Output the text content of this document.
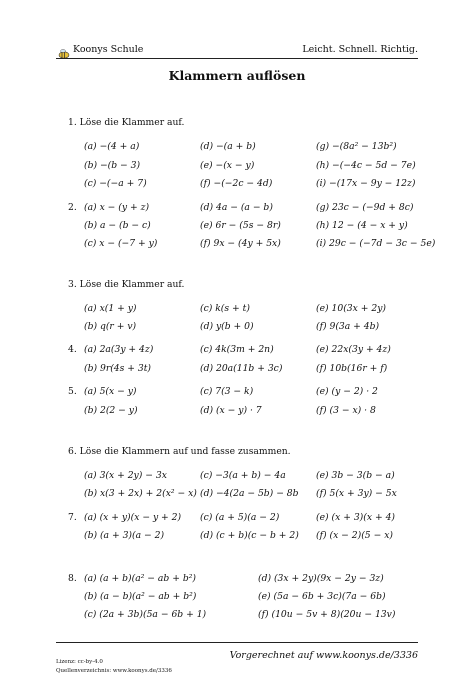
Koonys Schule	Leicht. Schnell. Richtig.
Klammern auflösen
1. Löse die Klammer auf.
(a) −(4 + a)	(d) −(a + b)	(g) −(8a² − 13b²)
(b) −(b − 3)	(e) −(x − y)	(h) −(−4c − 5d − 7e)
(c) −(−a + 7)	(f) −(−2c − 4d)	(i) −(17x − 9y − 12z)
2. (a) x − (y + z)	(d) 4a − (a − b)	(g) 23c − (−9d + 8c)
(b) a − (b − c)	(e) 6r − (5s − 8r)	(h) 12 − (4 − x + y)
(c) x − (−7 + y)	(f) 9x − (4y + 5x)	(i) 29c − (−7d − 3c − 5e)
3. Löse die Klammer auf.
(a) x(1 + y)	(c) k(s + t)	(e) 10(3x + 2y)
(b) q(r + v)	(d) y(b + 0)	(f) 9(3a + 4b)
4. (a) 2a(3y + 4z)	(c) 4k(3m + 2n)	(e) 22x(3y + 4z)
(b) 9r(4s + 3t)	(d) 20a(11b + 3c)	(f) 10b(16r + f)
5. (a) 5(x − y)	(c) 7(3 − k)	(e) (y − 2) · 2
(b) 2(2 − y)	(d) (x − y) · 7	(f) (3 − x) · 8
6. Löse die Klammern auf und fasse zusammen.
(a) 3(x + 2y) − 3x	(c) −3(a + b) − 4a	(e) 3b − 3(b − a)
(b) x(3 + 2x) + 2(x² − x) (d) −4(2a − 5b) − 8b (f) 5(x + 3y) − 5x
7. (a) (x + y)(x − y + 2) (c) (a + 5)(a − 2)	(e) (x + 3)(x + 4)
(b) (a + 3)(a − 2)	(d) (c + b)(c − b + 2) (f) (x − 2)(5 − x)
8. (a) (a + b)(a² − ab + b²)	(d) (3x + 2y)(9x − 2y − 3z)
(b) (a − b)(a² − ab + b²)	(e) (5a − 6b + 3c)(7a − 6b)
(c) (2a + 3b)(5a − 6b + 1)	(f) (10u − 5v + 8)(20u − 13v)
Lizenz: cc-by-4.0
Quellenverzeichnis: www.koonys.de/3336
Vorgerechnet auf www.koonys.de/3336
